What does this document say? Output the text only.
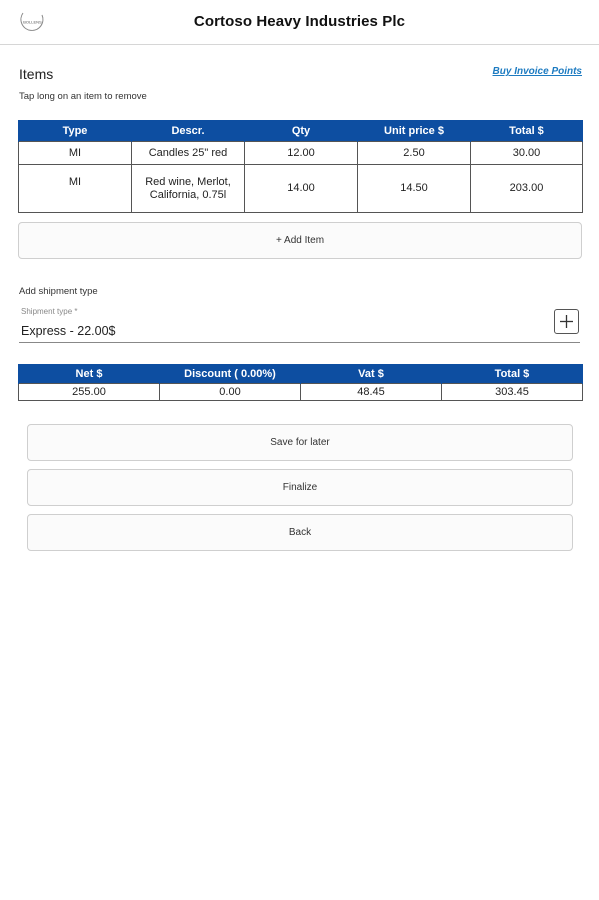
BOLLENS	Cortoso Heavy Industries Plc
Items	Buy Invoice Points
Tap long on an item to remove
Type	Descr.	Qty	Unit price $	Total $
MI	Candles 25" red	12.00	2.50	30.00
MI	Red wine, Merlot, California, 0.75l	14.00	14.50	203.00
+ Add Item
Add shipment type
Shipment type *
Express - 22.00$
Net $	Discount ( 0.00%)	Vat $	Total $
255.00	0.00	48.45	303.45
Save for later
Finalize
Back
